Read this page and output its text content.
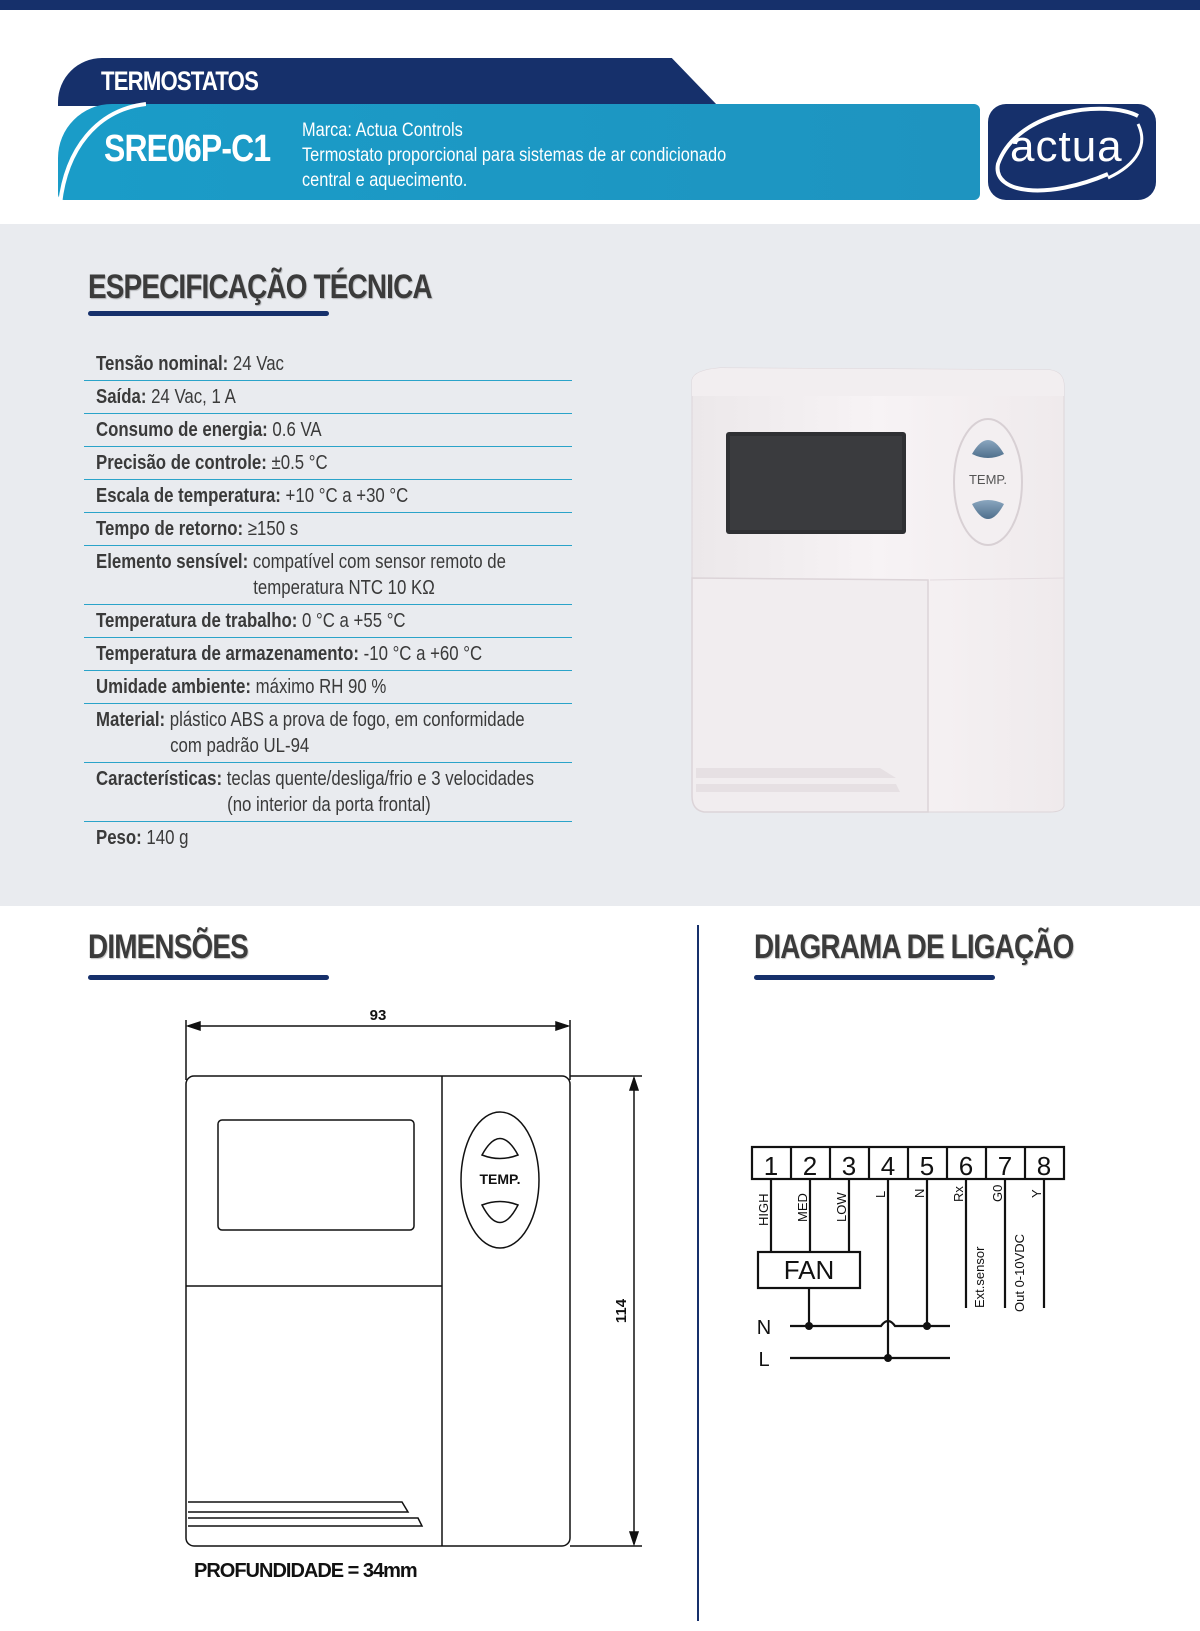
TERMOSTATOS
SRE06P-C1 Marca: Actua Controls
Termostato proporcional para sistemas de ar condicionado
central e aquecimento.
actua
ESPECIFICAÇÃO TÉCNICA
Tensão nominal: 24 Vac
Saída: 24 Vac, 1 A
Consumo de energia: 0.6 VA
Precisão de controle: ±0.5 °C
Escala de temperatura: +10 °C a +30 °C
Tempo de retorno: ≥150 s
Elemento sensível: compatível com sensor remoto de
temperatura NTC 10 KΩ
Temperatura de trabalho: 0 °C a +55 °C
Temperatura de armazenamento: -10 °C a +60 °C
Umidade ambiente: máximo RH 90 %
Material: plástico ABS a prova de fogo, em conformidade
com padrão UL-94
Características: teclas quente/desliga/frio e 3 velocidades
(no interior da porta frontal)
Peso: 140 g
TEMP.
DIMENSÕES
93
114
TEMP.
PROFUNDIDADE = 34mm
DIAGRAMA DE LIGAÇÃO
1 2 3 4 5 6 7 8
HIGH MED LOW L N Rx G0 Y
Ext.sensor Out 0-10VDC
FAN
N
L
